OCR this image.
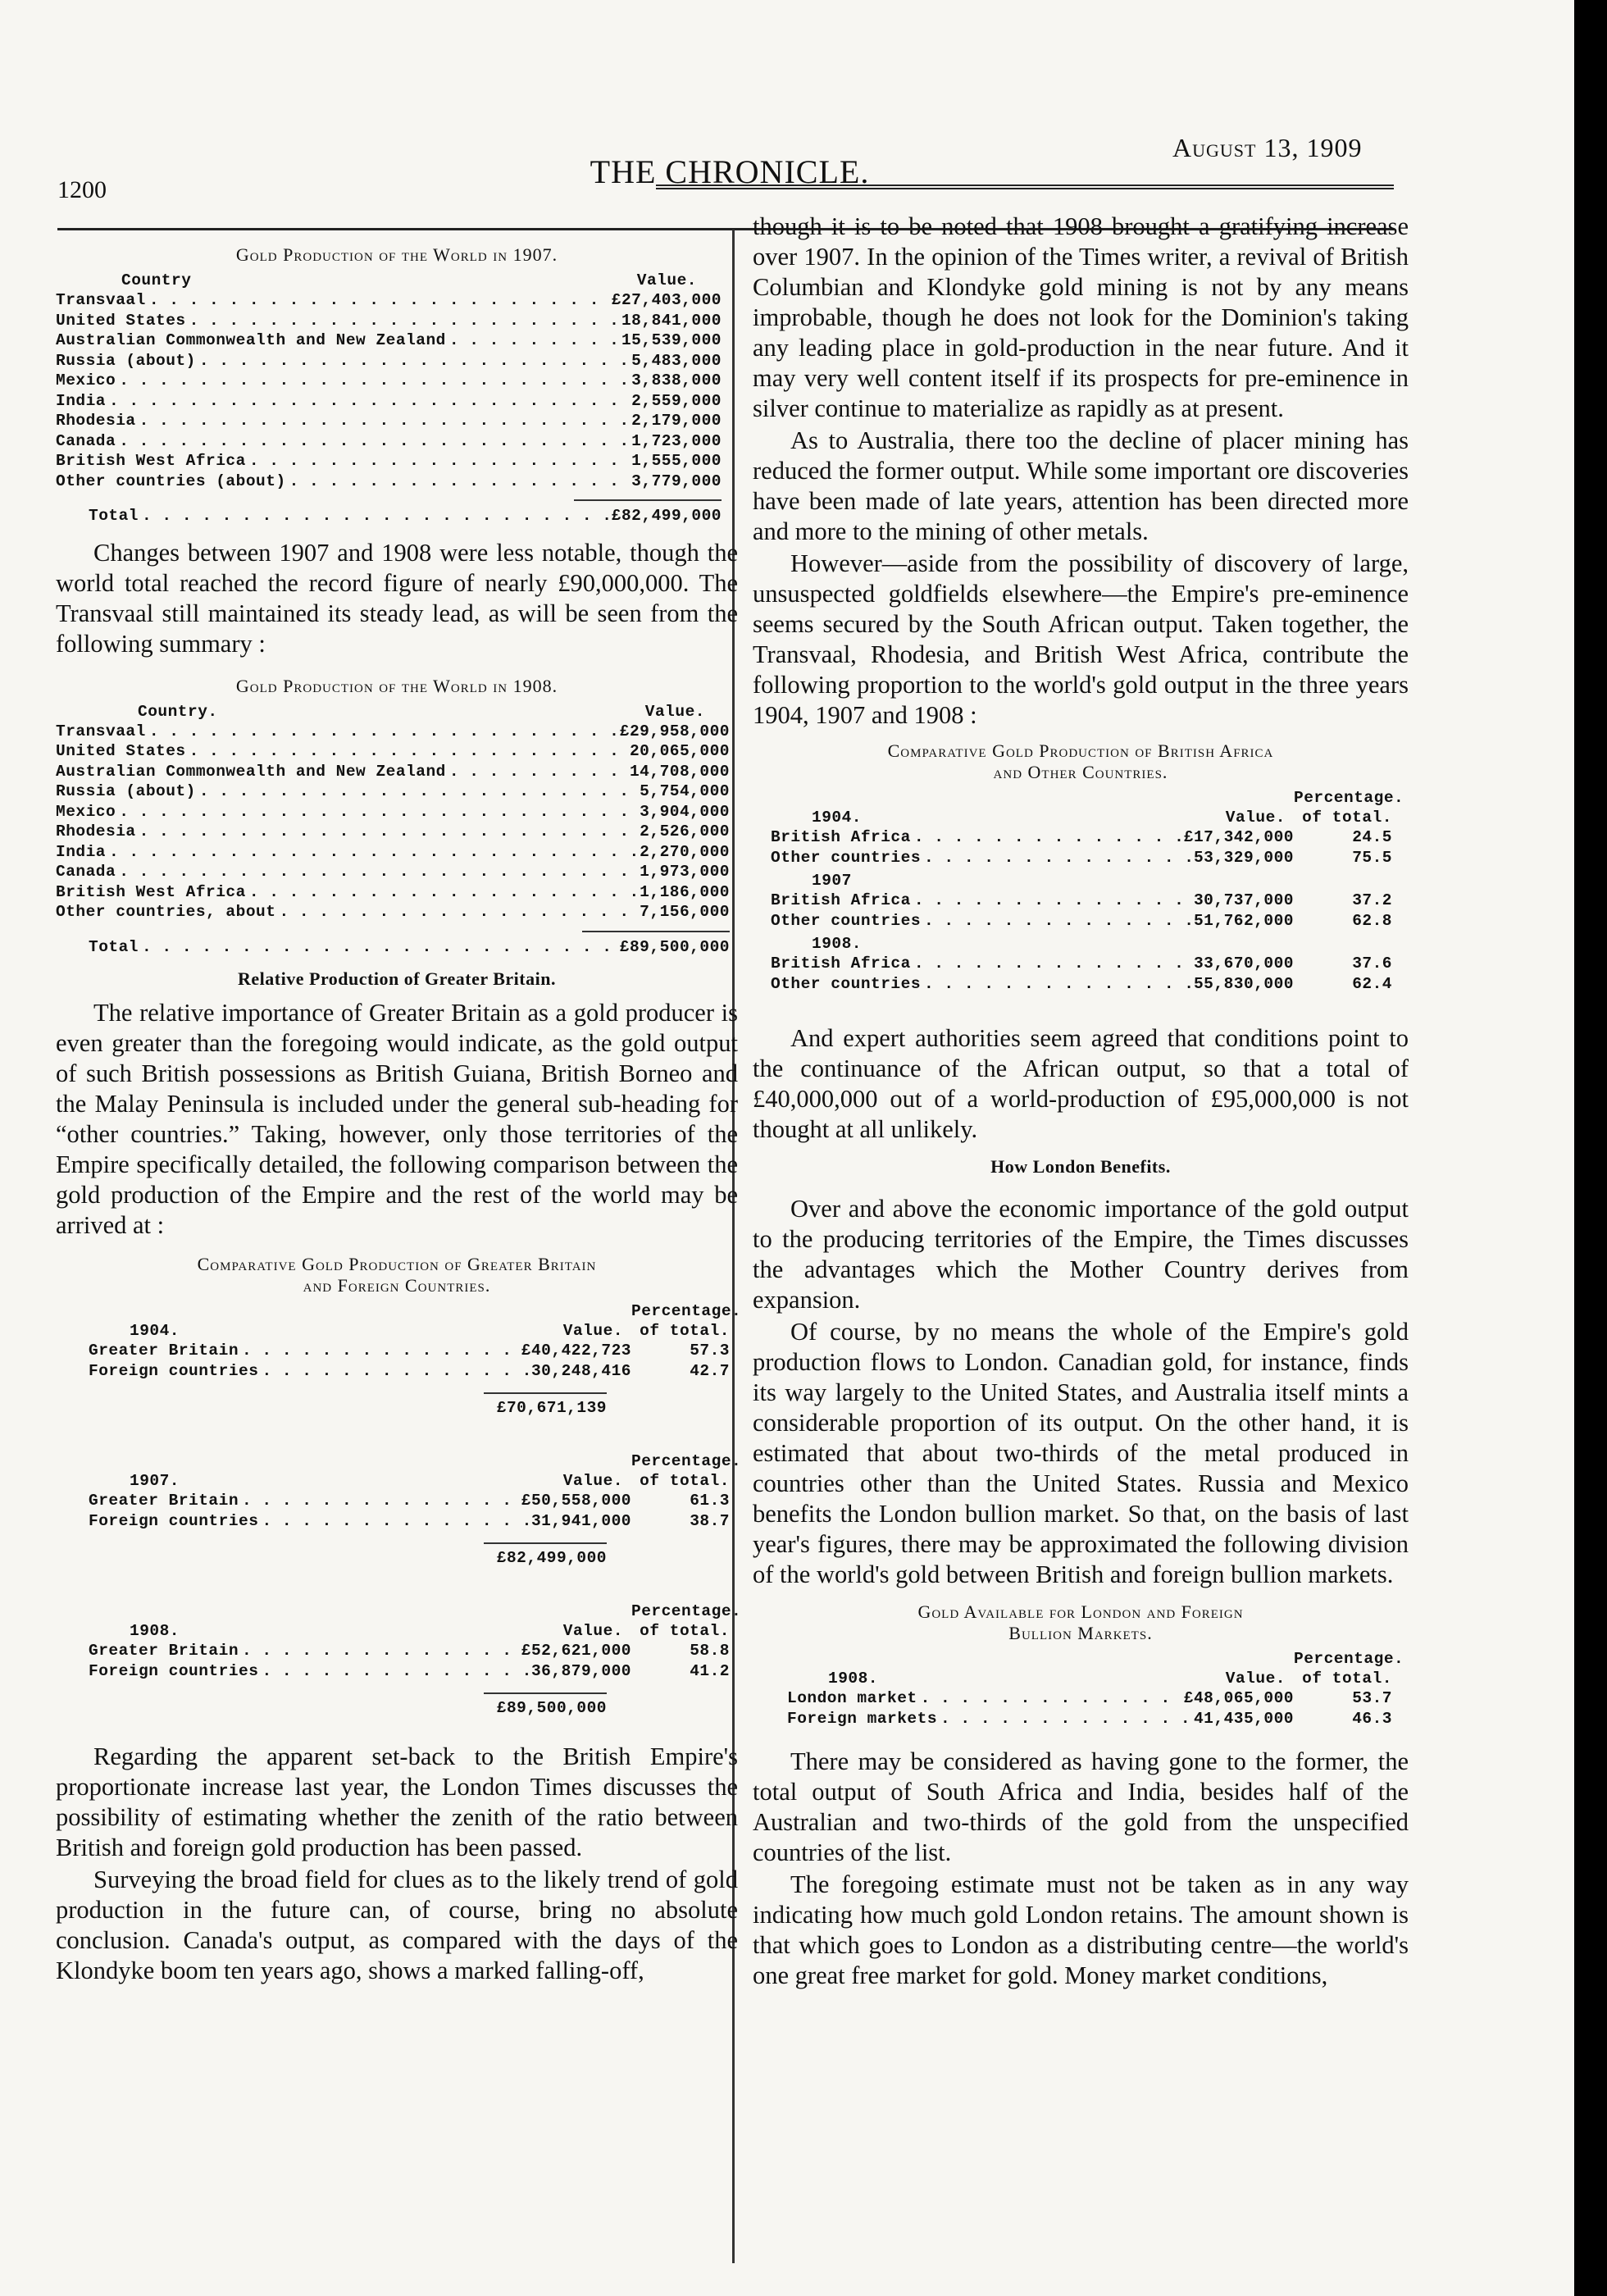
1200	THE CHRONICLE.
August 13, 1909
Gold Production of the World in 1907.
Country	Value.
Transvaal . . .	£27,403,000
United States . . .	18,841,000
Australian Commonwealth and New Zealand . . .	15,539,000
Russia (about) . . .	5,483,000
Mexico . . .	3,838,000
India . . .	2,559,000
Rhodesia . . .	2,179,000
Canada . . .	1,723,000
British West Africa . . .	1,555,000
Other countries (about) . . .	3,779,000
Total . . .	£82,499,000

Changes between 1907 and 1908 were less notable, though the world total reached the record figure of nearly £90,000,000. The Transvaal still maintained its steady lead, as will be seen from the following summary :

Gold Production of the World in 1908.
Country.	Value.
Transvaal . . .	£29,958,000
United States . . .	20,065,000
Australian Commonwealth and New Zealand . . .	14,708,000
Russia (about) . . .	5,754,000
Mexico . . .	3,904,000
Rhodesia . . .	2,526,000
India . . .	2,270,000
Canada . . .	1,973,000
British West Africa . . .	1,186,000
Other countries, about . . .	7,156,000
Total . . .	£89,500,000
Relative Production of Greater Britain.

The relative importance of Greater Britain as a gold producer is even greater than the foregoing would indicate, as the gold output of such British possessions as British Guiana, British Borneo and the Malay Peninsula is included under the general sub-heading for “other countries.” Taking, however, only those territories of the Empire specifically detailed, the following comparison between the gold production of the Empire and the rest of the world may be arrived at :

Comparative Gold Production of Greater Britain
and Foreign Countries.
1904.	Value.
Percentage.
of total.
Greater Britain . . .	£40,422,723	57.3
Foreign countries . . .	30,248,416	42.7
£70,671,139
1907.	Value.
Percentage.
of total.
Greater Britain . . .	£50,558,000	61.3
Foreign countries . . .	31,941,000	38.7
£82,499,000
1908.	Value.
Percentage.
of total.
Greater Britain . . .	£52,621,000	58.8
Foreign countries . . .	36,879,000	41.2
£89,500,000

Regarding the apparent set-back to the British Empire's proportionate increase last year, the London Times discusses the possibility of estimating whether the zenith of the ratio between British and foreign gold production has been passed.

Surveying the broad field for clues as to the likely trend of gold production in the future can, of course, bring no absolute conclusion. Canada's output, as compared with the days of the Klondyke boom ten years ago, shows a marked falling-off,

though it is to be noted that 1908 brought a gratifying increase over 1907. In the opinion of the Times writer, a revival of British Columbian and Klondyke gold mining is not by any means improbable, though he does not look for the Dominion's taking any leading place in gold-production in the near future. And it may very well content itself if its prospects for pre-eminence in silver continue to materialize as rapidly as at present.

As to Australia, there too the decline of placer mining has reduced the former output. While some important ore discoveries have been made of late years, attention has been directed more and more to the mining of other metals.

However—aside from the possibility of discovery of large, unsuspected goldfields elsewhere—the Empire's pre-eminence seems secured by the South African output. Taken together, the Transvaal, Rhodesia, and British West Africa, contribute the following proportion to the world's gold output in the three years 1904, 1907 and 1908 :

Comparative Gold Production of British Africa
and Other Countries.
1904.	Value.
Percentage.
of total.
British Africa . . .	£17,342,000	24.5
Other countries . . .	53,329,000	75.5
1907
British Africa . . .	30,737,000	37.2
Other countries . . .	51,762,000	62.8
1908.
British Africa . . .	33,670,000	37.6
Other countries . . .	55,830,000	62.4

And expert authorities seem agreed that conditions point to the continuance of the African output, so that a total of £40,000,000 out of a world-production of £95,000,000 is not thought at all unlikely.

How London Benefits.

Over and above the economic importance of the gold output to the producing territories of the Empire, the Times discusses the advantages which the Mother Country derives from expansion.

Of course, by no means the whole of the Empire's gold production flows to London. Canadian gold, for instance, finds its way largely to the United States, and Australia itself mints a considerable proportion of its output. On the other hand, it is estimated that about two-thirds of the metal produced in countries other than the United States. Russia and Mexico benefits the London bullion market. So that, on the basis of last year's figures, there may be approximated the following division of the world's gold between British and foreign bullion markets.

Gold Available for London and Foreign
Bullion Markets.
1908.	Value.
Percentage.
of total.
London market . . .	£48,065,000	53.7
Foreign markets . . .	41,435,000	46.3

There may be considered as having gone to the former, the total output of South Africa and India, besides half of the Australian and two-thirds of the gold from the unspecified countries of the list.

The foregoing estimate must not be taken as in any way indicating how much gold London retains. The amount shown is that which goes to London as a distributing centre—the world's one great free market for gold. Money market conditions,
